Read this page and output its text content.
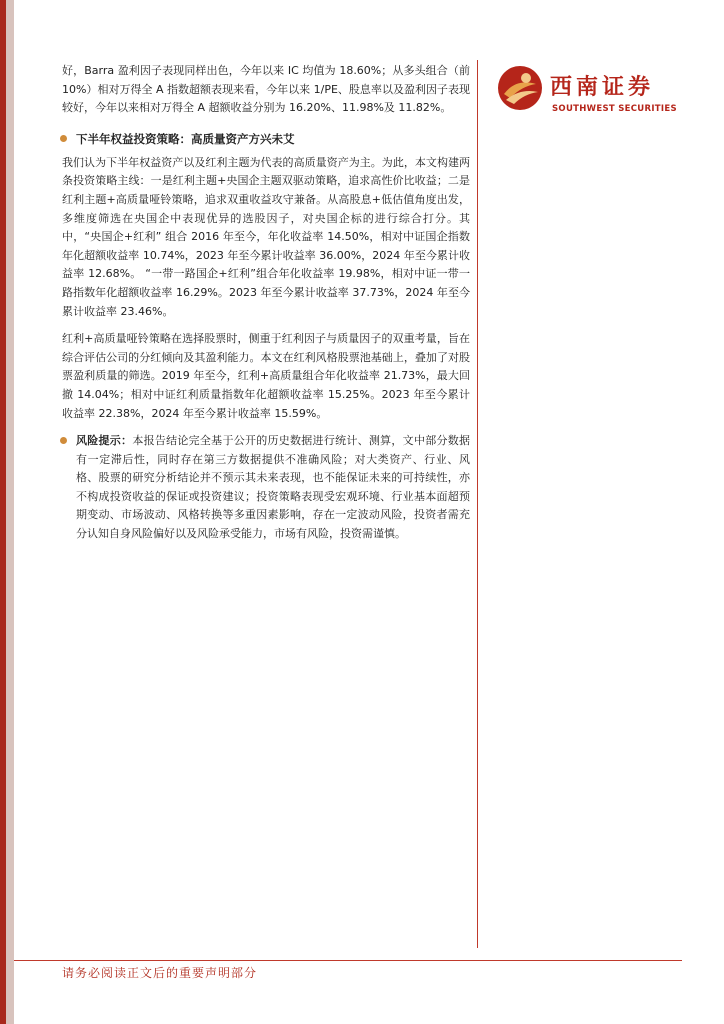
西南证券
SOUTHWEST SECURITIES

好，Barra 盈利因子表现同样出色，今年以来 IC 均值为 18.60%；从多头组合（前 10%）相对万得全 A 指数超额表现来看，今年以来 1/PE、股息率以及盈利因子表现较好，今年以来相对万得全 A 超额收益分别为 16.20%、11.98%及 11.82%。

下半年权益投资策略：高质量资产方兴未艾

我们认为下半年权益资产以及红利主题为代表的高质量资产为主。为此，本文构建两条投资策略主线：一是红利主题+央国企主题双驱动策略，追求高性价比收益；二是红利主题+高质量哑铃策略，追求双重收益攻守兼备。从高股息+低估值角度出发，多维度筛选在央国企中表现优异的选股因子，对央国企标的进行综合打分。其中，“央国企+红利” 组合 2016 年至今，年化收益率 14.50%，相对中证国企指数年化超额收益率 10.74%，2023 年至今累计收益率 36.00%，2024 年至今累计收益率 12.68%。 “一带一路国企+红利”组合年化收益率 19.98%，相对中证一带一路指数年化超额收益率 16.29%。2023 年至今累计收益率 37.73%，2024 年至今累计收益率 23.46%。

红利+高质量哑铃策略在选择股票时，侧重于红利因子与质量因子的双重考量，旨在综合评估公司的分红倾向及其盈利能力。本文在红利风格股票池基础上，叠加了对股票盈利质量的筛选。2019 年至今，红利+高质量组合年化收益率 21.73%，最大回撤 14.04%；相对中证红利质量指数年化超额收益率 15.25%。2023 年至今累计收益率 22.38%，2024 年至今累计收益率 15.59%。

风险提示：本报告结论完全基于公开的历史数据进行统计、测算，文中部分数据有一定滞后性，同时存在第三方数据提供不准确风险；对大类资产、行业、风格、股票的研究分析结论并不预示其未来表现，也不能保证未来的可持续性，亦不构成投资收益的保证或投资建议；投资策略表现受宏观环境、行业基本面超预期变动、市场波动、风格转换等多重因素影响，存在一定波动风险，投资者需充分认知自身风险偏好以及风险承受能力，市场有风险，投资需谨慎。

请务必阅读正文后的重要声明部分
